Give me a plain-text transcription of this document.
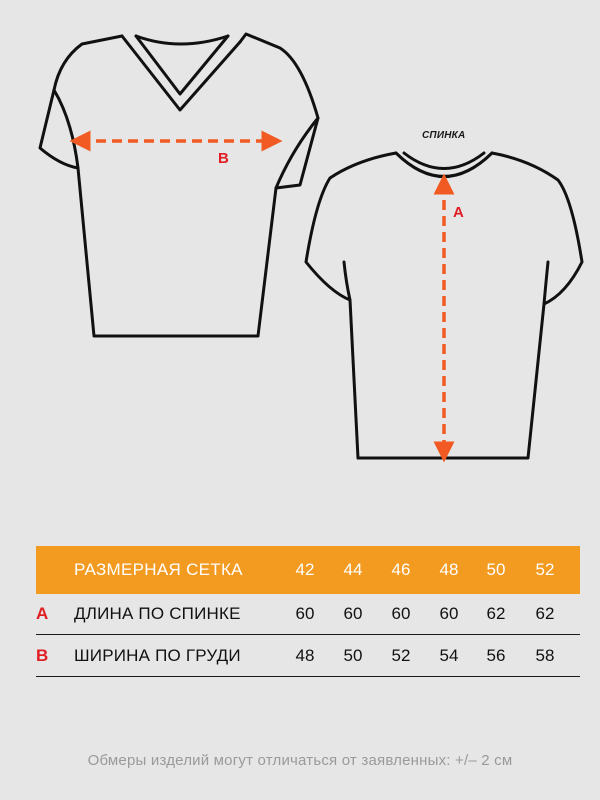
СПИНКА
B
A
РАЗМЕРНАЯ СЕТКА	42	44	46	48	50	52
A ДЛИНА ПО СПИНКЕ	60	60	60	60	62	62
B ШИРИНА ПО ГРУДИ	48	50	52	54	56	58
Обмеры изделий могут отличаться от заявленных: +/– 2 см
